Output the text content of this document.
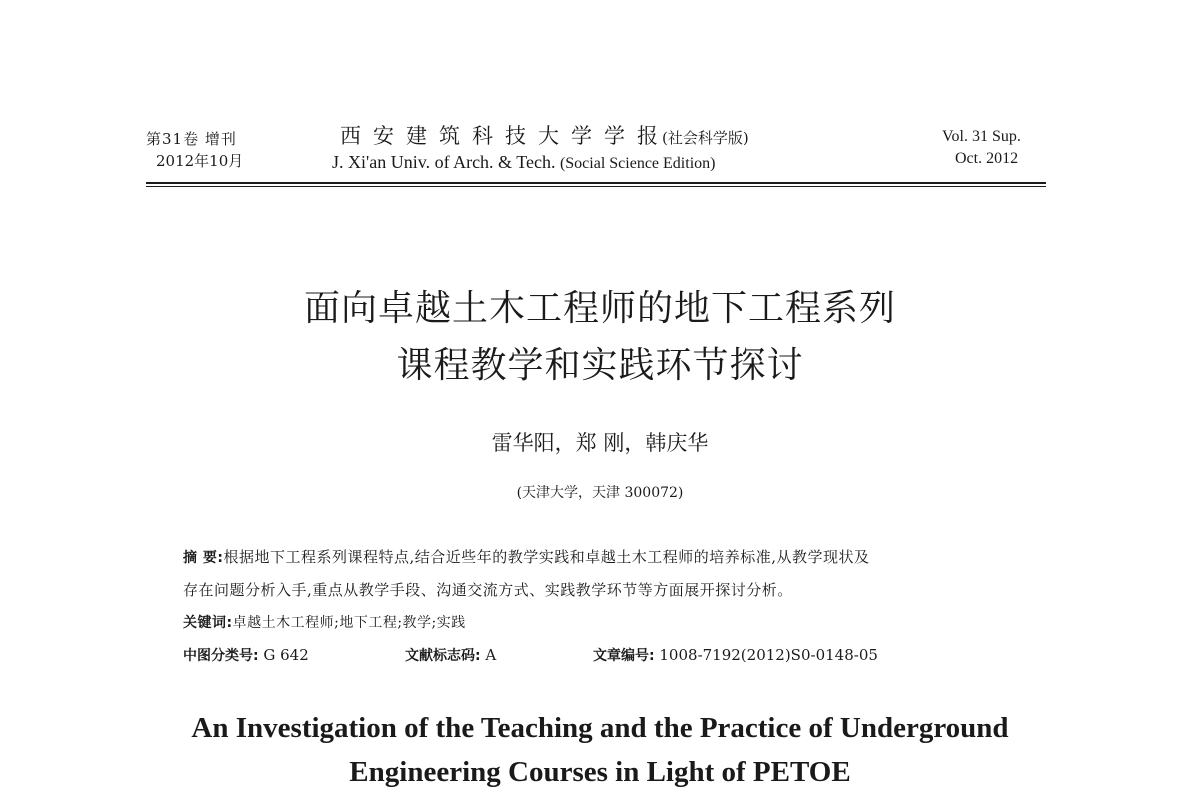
第31卷 增刊
2012年10月
西安建筑科技大学学报(社会科学版)
J. Xi'an Univ. of Arch. & Tech. (Social Science Edition)
Vol. 31 Sup.
Oct. 2012
面向卓越土木工程师的地下工程系列
课程教学和实践环节探讨
雷华阳，郑 刚，韩庆华
(天津大学，天津 300072)
摘 要:根据地下工程系列课程特点,结合近些年的教学实践和卓越土木工程师的培养标准,从教学现状及
存在问题分析入手,重点从教学手段、沟通交流方式、实践教学环节等方面展开探讨分析。
关键词:卓越土木工程师;地下工程;教学;实践
中图分类号: G 642	文献标志码: A	文章编号: 1008-7192(2012)S0-0148-05
An Investigation of the Teaching and the Practice of Underground
Engineering Courses in Light of PETOE
